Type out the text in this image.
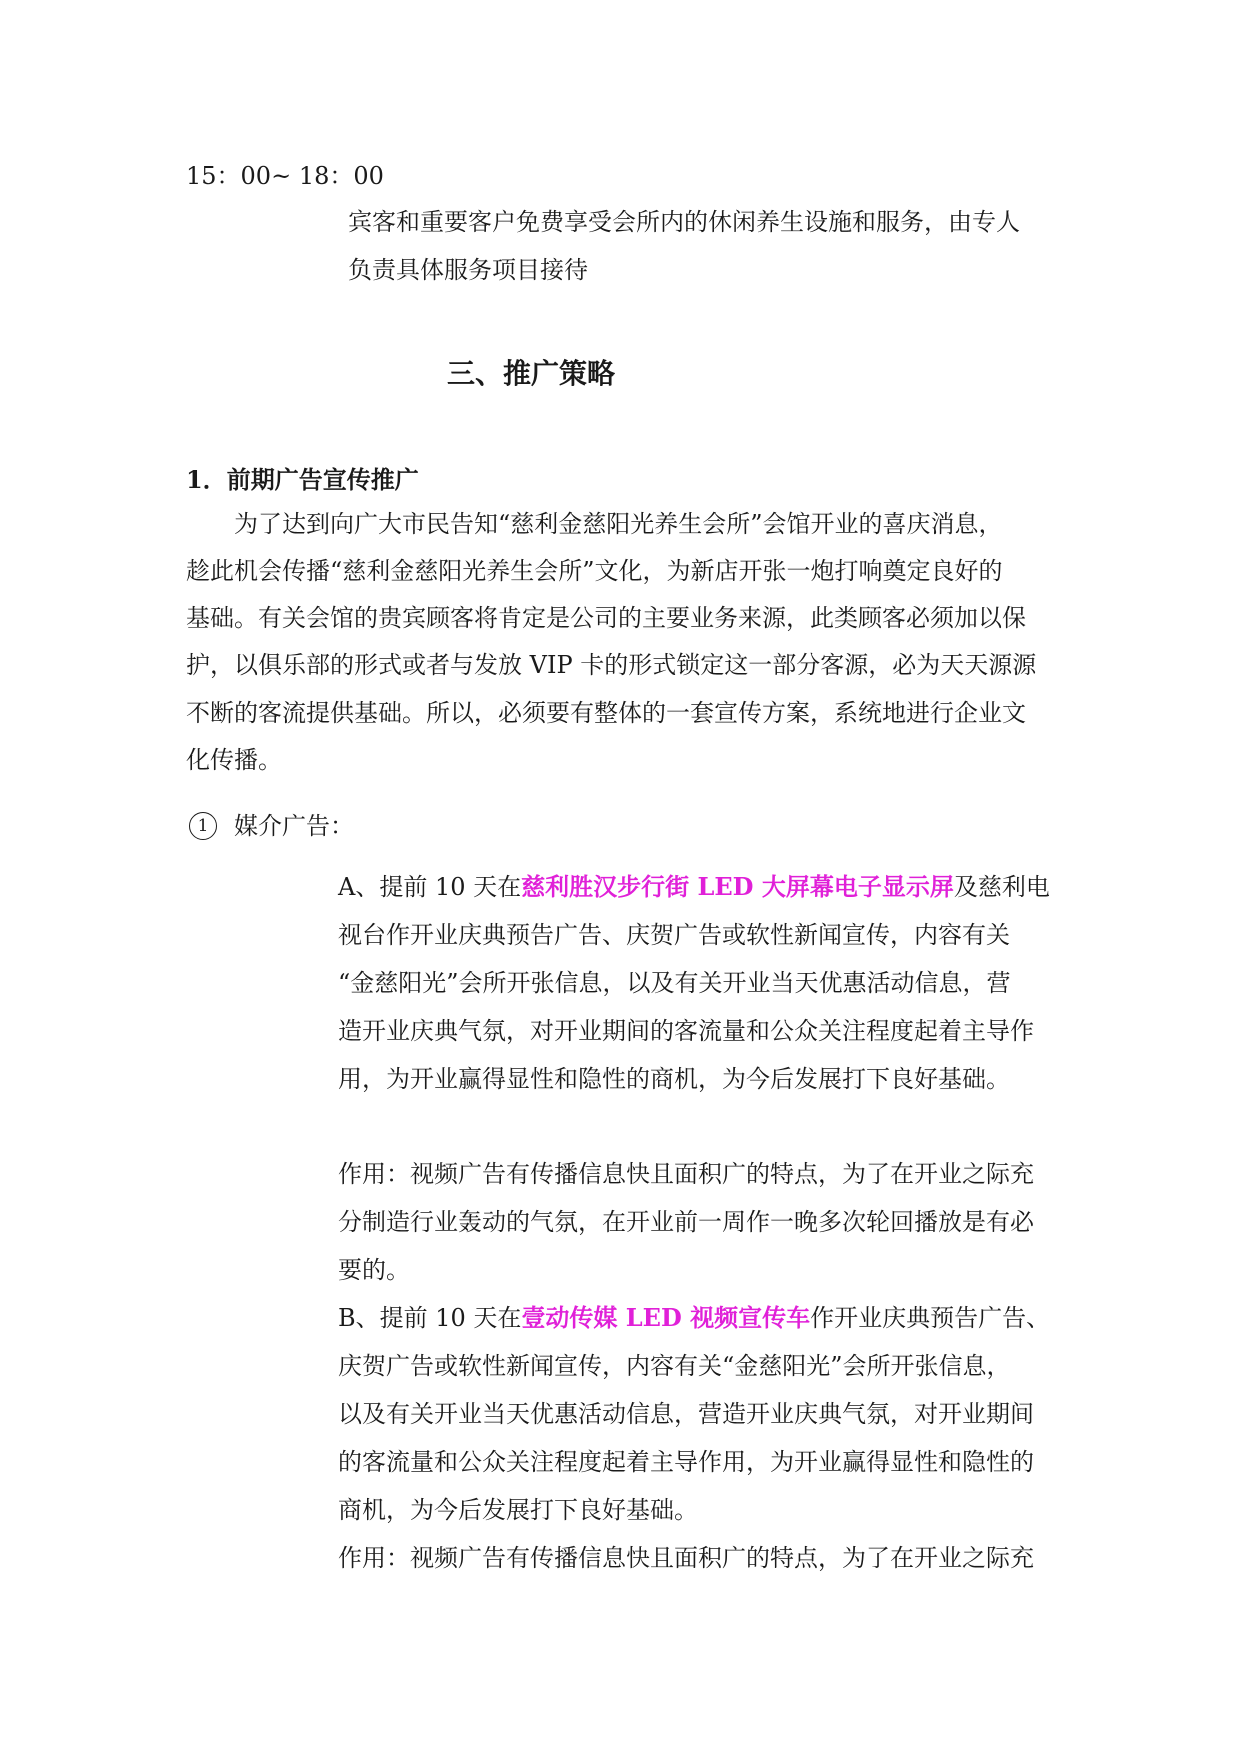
15：00~ 18：00
宾客和重要客户免费享受会所内的休闲养生设施和服务，由专人
负责具体服务项目接待
三、推广策略
1．前期广告宣传推广
为了达到向广大市民告知“慈利金慈阳光养生会所”会馆开业的喜庆消息，
趁此机会传播“慈利金慈阳光养生会所”文化，为新店开张一炮打响奠定良好的
基础。有关会馆的贵宾顾客将肯定是公司的主要业务来源，此类顾客必须加以保
护，以俱乐部的形式或者与发放 VIP 卡的形式锁定这一部分客源，必为天天源源
不断的客流提供基础。所以，必须要有整体的一套宣传方案，系统地进行企业文
化传播。
1	媒介广告：
A、提前 10 天在慈利胜汉步行街 LED 大屏幕电子显示屏及慈利电
视台作开业庆典预告广告、庆贺广告或软性新闻宣传，内容有关
“金慈阳光”会所开张信息，以及有关开业当天优惠活动信息，营
造开业庆典气氛，对开业期间的客流量和公众关注程度起着主导作
用，为开业赢得显性和隐性的商机，为今后发展打下良好基础。
作用：视频广告有传播信息快且面积广的特点，为了在开业之际充
分制造行业轰动的气氛，在开业前一周作一晚多次轮回播放是有必
要的。
B、提前 10 天在壹动传媒 LED 视频宣传车作开业庆典预告广告、
庆贺广告或软性新闻宣传，内容有关“金慈阳光”会所开张信息，
以及有关开业当天优惠活动信息，营造开业庆典气氛，对开业期间
的客流量和公众关注程度起着主导作用，为开业赢得显性和隐性的
商机，为今后发展打下良好基础。
作用：视频广告有传播信息快且面积广的特点，为了在开业之际充
